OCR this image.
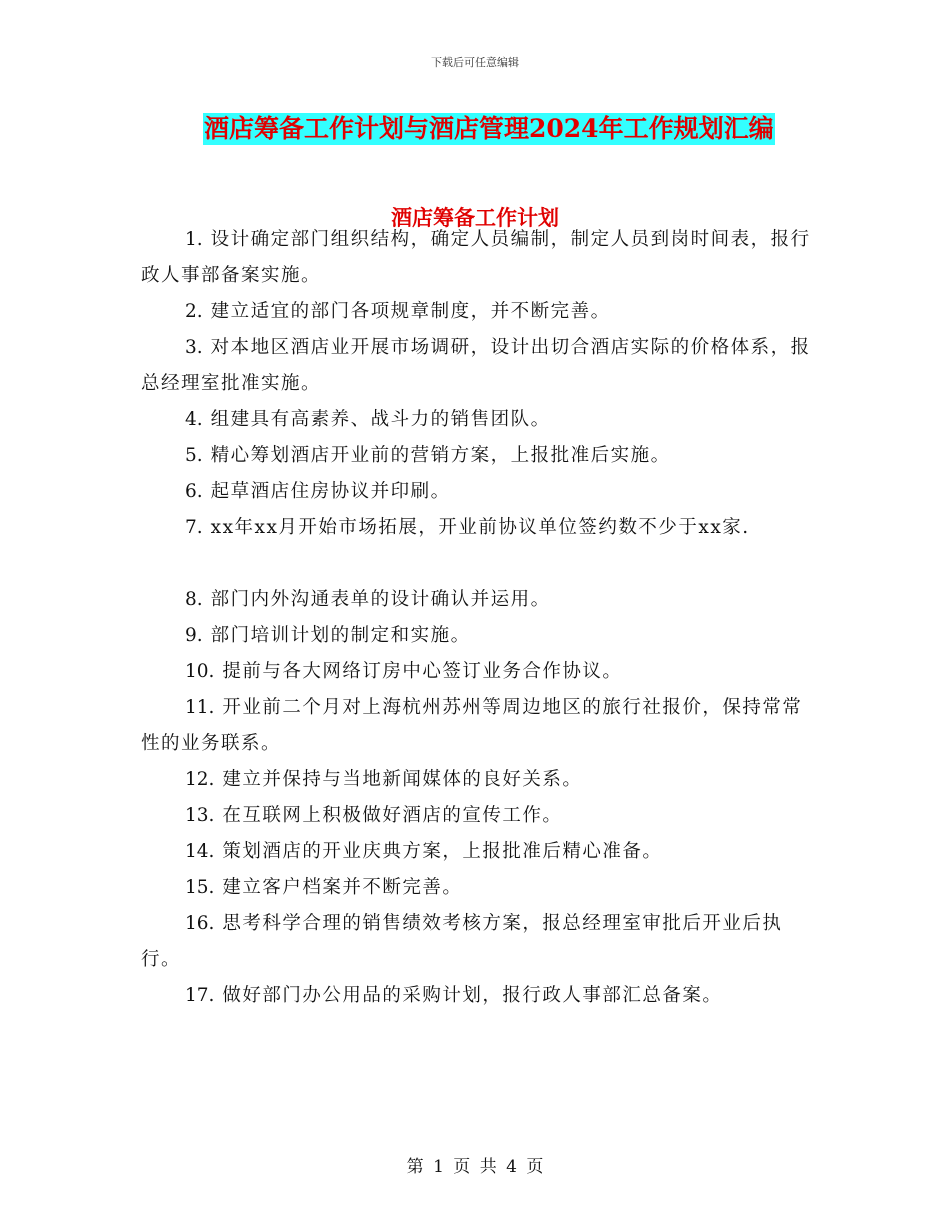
下载后可任意编辑
酒店筹备工作计划与酒店管理2024年工作规划汇编
酒店筹备工作计划

1. 设计确定部门组织结构，确定人员编制，制定人员到岗时间表，报行政人事部备案实施。

2. 建立适宜的部门各项规章制度，并不断完善。

3. 对本地区酒店业开展市场调研，设计出切合酒店实际的价格体系，报总经理室批准实施。

4. 组建具有高素养、战斗力的销售团队。

5. 精心筹划酒店开业前的营销方案，上报批准后实施。

6. 起草酒店住房协议并印刷。

7. xx年xx月开始市场拓展，开业前协议单位签约数不少于xx家.

8. 部门内外沟通表单的设计确认并运用。

9. 部门培训计划的制定和实施。

10. 提前与各大网络订房中心签订业务合作协议。

11. 开业前二个月对上海杭州苏州等周边地区的旅行社报价，保持常常性的业务联系。

12. 建立并保持与当地新闻媒体的良好关系。

13. 在互联网上积极做好酒店的宣传工作。

14. 策划酒店的开业庆典方案，上报批准后精心准备。

15. 建立客户档案并不断完善。

16. 思考科学合理的销售绩效考核方案，报总经理室审批后开业后执行。

17. 做好部门办公用品的采购计划，报行政人事部汇总备案。

第 1 页 共 4 页
